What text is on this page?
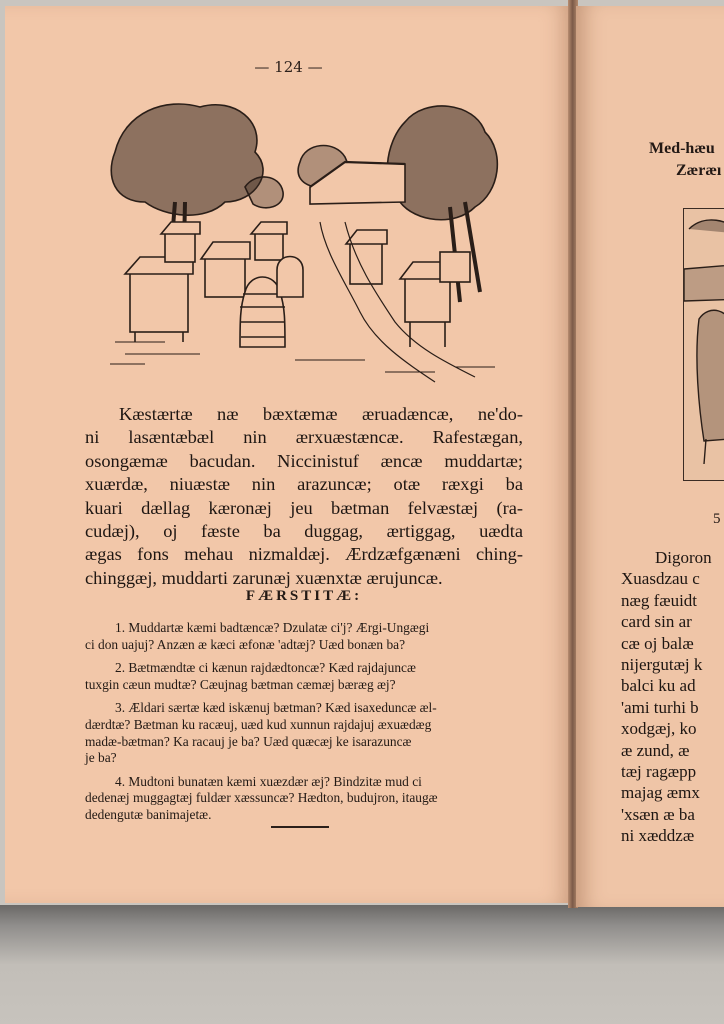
— 124 —
Kæstærtæ næ bæxtæmæ æruadæncæ, ne'do-
ni lasæntæbæl nin ærxuæstæncæ. Rafestægan,
osongæmæ bacudan. Niccinistuf æncæ muddartæ;
xuærdæ, niuæstæ nin arazuncæ; otæ ræxgi ba
kuari dællag kæronæj jeu bætman felvæstæj (ra-
cudæj), oj fæste ba duggag, ærtiggag, uædta
ægas fons mehau nizmaldæj. Ærdzæfgænæni ching-
chinggæj, muddarti zarunæj xuænxtæ ærujuncæ.
FÆRSTITÆ:
1. Muddartæ kæmi badtæncæ? Dzulatæ ci'j? Ærgi-Ungægi
ci don uajuj? Anzæn æ kæci æfonæ 'adtæj? Uæd bonæn ba?
2. Bætmændtæ ci kænun rajdædtoncæ? Kæd rajdajuncæ
tuxgin cæun mudtæ? Cæujnag bætman cæmæj bæræg æj?
3. Ældari særtæ kæd iskænuj bætman? Kæd isaxeduncæ æl-
dærdtæ? Bætman ku racæuj, uæd kud xunnun rajdajuj æxuædæg
madæ-bætman? Ka racauj je ba? Uæd quæcæj ke isarazuncæ
je ba?
4. Mudtoni bunatæn kæmi xuæzdær æj? Bindzitæ mud ci
dedenæj muggagtæj fuldær xæssuncæ? Hædton, budujron, itaugæ
dedengutæ banimajetæ.
Med-hæu
Zæræı
5
Digoron
Xuasdzau c
næg fæuidt
card sin ar
cæ oj balæ
nijergutæj k
balci ku ad
'ami turhi b
xodgæj, ko
æ zund, æ
tæj ragæpp
majag æmx
'xsæn æ ba
ni xæddzæ
